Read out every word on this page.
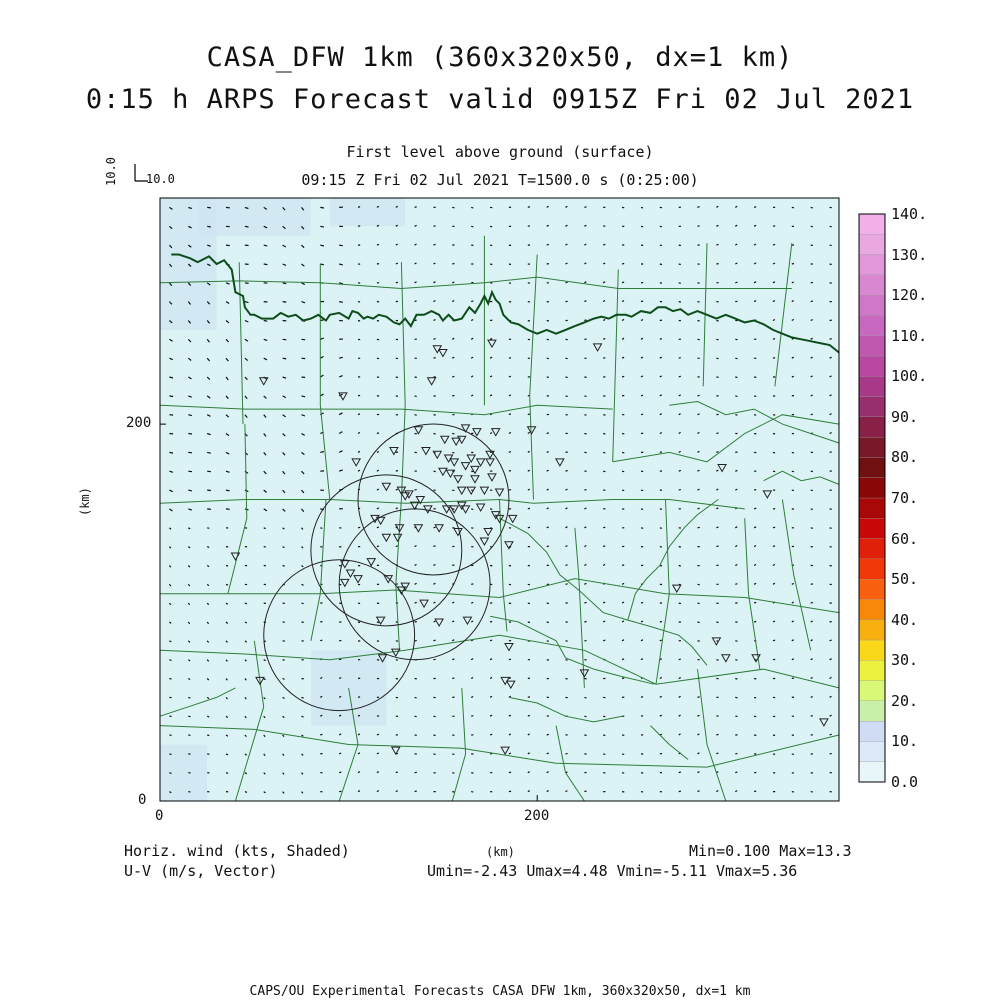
CASA_DFW 1km (360x320x50, dx=1 km)
0:15 h ARPS Forecast valid 0915Z Fri 02 Jul 2021
First level above ground (surface)
09:15 Z Fri 02 Jul 2021 T=1500.0 s (0:25:00)
10.0 10.0
200
0
0	200
(km)
Horiz. wind (kts, Shaded)
U-V (m/s, Vector)
(km)	Min=0.100 Max=13.3
Umin=-2.43 Umax=4.48 Vmin=-5.11 Vmax=5.36
CAPS/OU Experimental Forecasts CASA DFW 1km, 360x320x50, dx=1 km
0.0
10.
20.
30.
40.
50.
60.
70.
80.
90.
100.
110.
120.
130.
140.
